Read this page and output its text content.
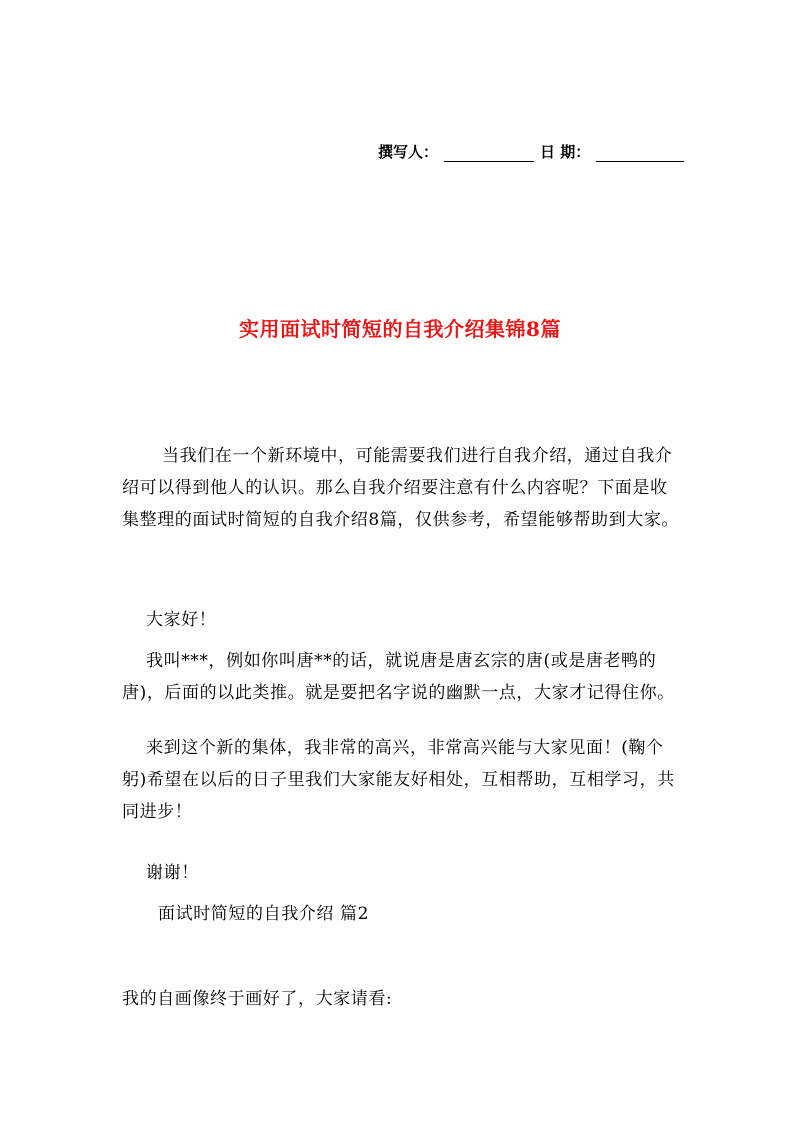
撰写人：	日 期：
实用面试时简短的自我介绍集锦8篇
当我们在一个新环境中，可能需要我们进行自我介绍，通过自我介绍可以得到他人的认识。那么自我介绍要注意有什么内容呢？下面是收集整理的面试时简短的自我介绍8篇，仅供参考，希望能够帮助到大家。
大家好！
我叫***，例如你叫唐**的话，就说唐是唐玄宗的唐(或是唐老鸭的唐)，后面的以此类推。就是要把名字说的幽默一点，大家才记得住你。
来到这个新的集体，我非常的高兴，非常高兴能与大家见面！(鞠个躬)希望在以后的日子里我们大家能友好相处，互相帮助，互相学习，共同进步！
谢谢！
面试时简短的自我介绍 篇2
我的自画像终于画好了，大家请看:
